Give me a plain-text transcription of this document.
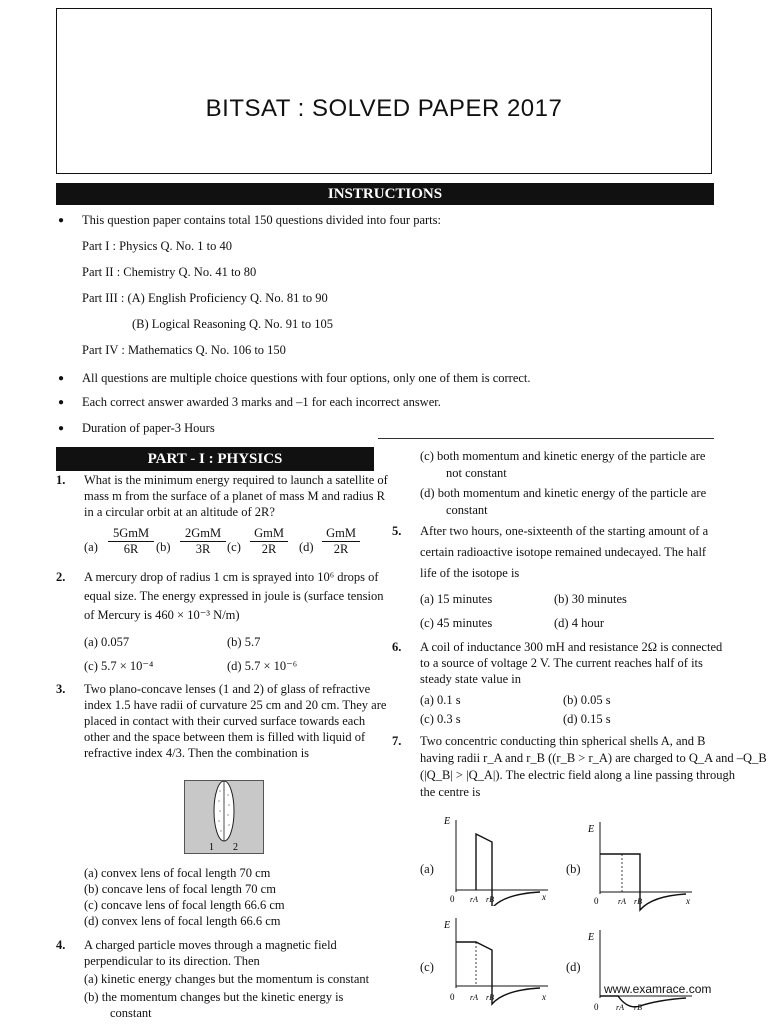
BITSAT : SOLVED PAPER 2017
INSTRUCTIONS
● This question paper contains total 150 questions divided into four parts:
Part I : Physics Q. No. 1 to 40
Part II : Chemistry Q. No. 41 to 80
Part III : (A) English Proficiency Q. No. 81 to 90
(B) Logical Reasoning Q. No. 91 to 105
Part IV : Mathematics Q. No. 106 to 150
● All questions are multiple choice questions with four options, only one of them is correct.
● Each correct answer awarded 3 marks and –1 for each incorrect answer.
● Duration of paper-3 Hours
PART - I : PHYSICS
1. What is the minimum energy required to launch a satellite of
mass m from the surface of a planet of mass M and radius R
in a circular orbit at an altitude of 2R?
(a)
5GmM
6R	(b)
2GmM
3R	(c)
GmM
2R	(d)
GmM
2R
2. A mercury drop of radius 1 cm is sprayed into 10⁶ drops of
equal size. The energy expressed in joule is (surface tension
of Mercury is 460 × 10⁻³ N/m)
(a) 0.057	(b) 5.7
(c) 5.7 × 10⁻⁴	(d) 5.7 × 10⁻⁶
3. Two plano-concave lenses (1 and 2) of glass of refractive
index 1.5 have radii of curvature 25 cm and 20 cm. They are
placed in contact with their curved surface towards each
other and the space between them is filled with liquid of
refractive index 4/3. Then the combination is
1 2
(a) convex lens of focal length 70 cm
(b) concave lens of focal length 70 cm
(c) concave lens of focal length 66.6 cm
(d) convex lens of focal length 66.6 cm
4. A charged particle moves through a magnetic field
perpendicular to its direction. Then
(a) kinetic energy changes but the momentum is constant
(b) the momentum changes but the kinetic energy is
constant
(c) both momentum and kinetic energy of the particle are
not constant
(d) both momentum and kinetic energy of the particle are
constant
5. After two hours, one-sixteenth of the starting amount of a
certain radioactive isotope remained undecayed. The half
life of the isotope is
(a) 15 minutes	(b) 30 minutes
(c) 45 minutes	(d) 4 hour
6. A coil of inductance 300 mH and resistance 2Ω is connected
to a source of voltage 2 V. The current reaches half of its
steady state value in
(a) 0.1 s	(b) 0.05 s
(c) 0.3 s	(d) 0.15 s
7. Two concentric conducting thin spherical shells A, and B
having radii r_A and r_B ((r_B > r_A) are charged to Q_A and –Q_B
(|Q_B| > |Q_A|). The electric field along a line passing through
the centre is
(a)
E
0 rA rB	x
(b)
E
0 rA rB	x
(c)
E
0 rA rB	x
(d)
E
0 rA rB
www.examrace.com
